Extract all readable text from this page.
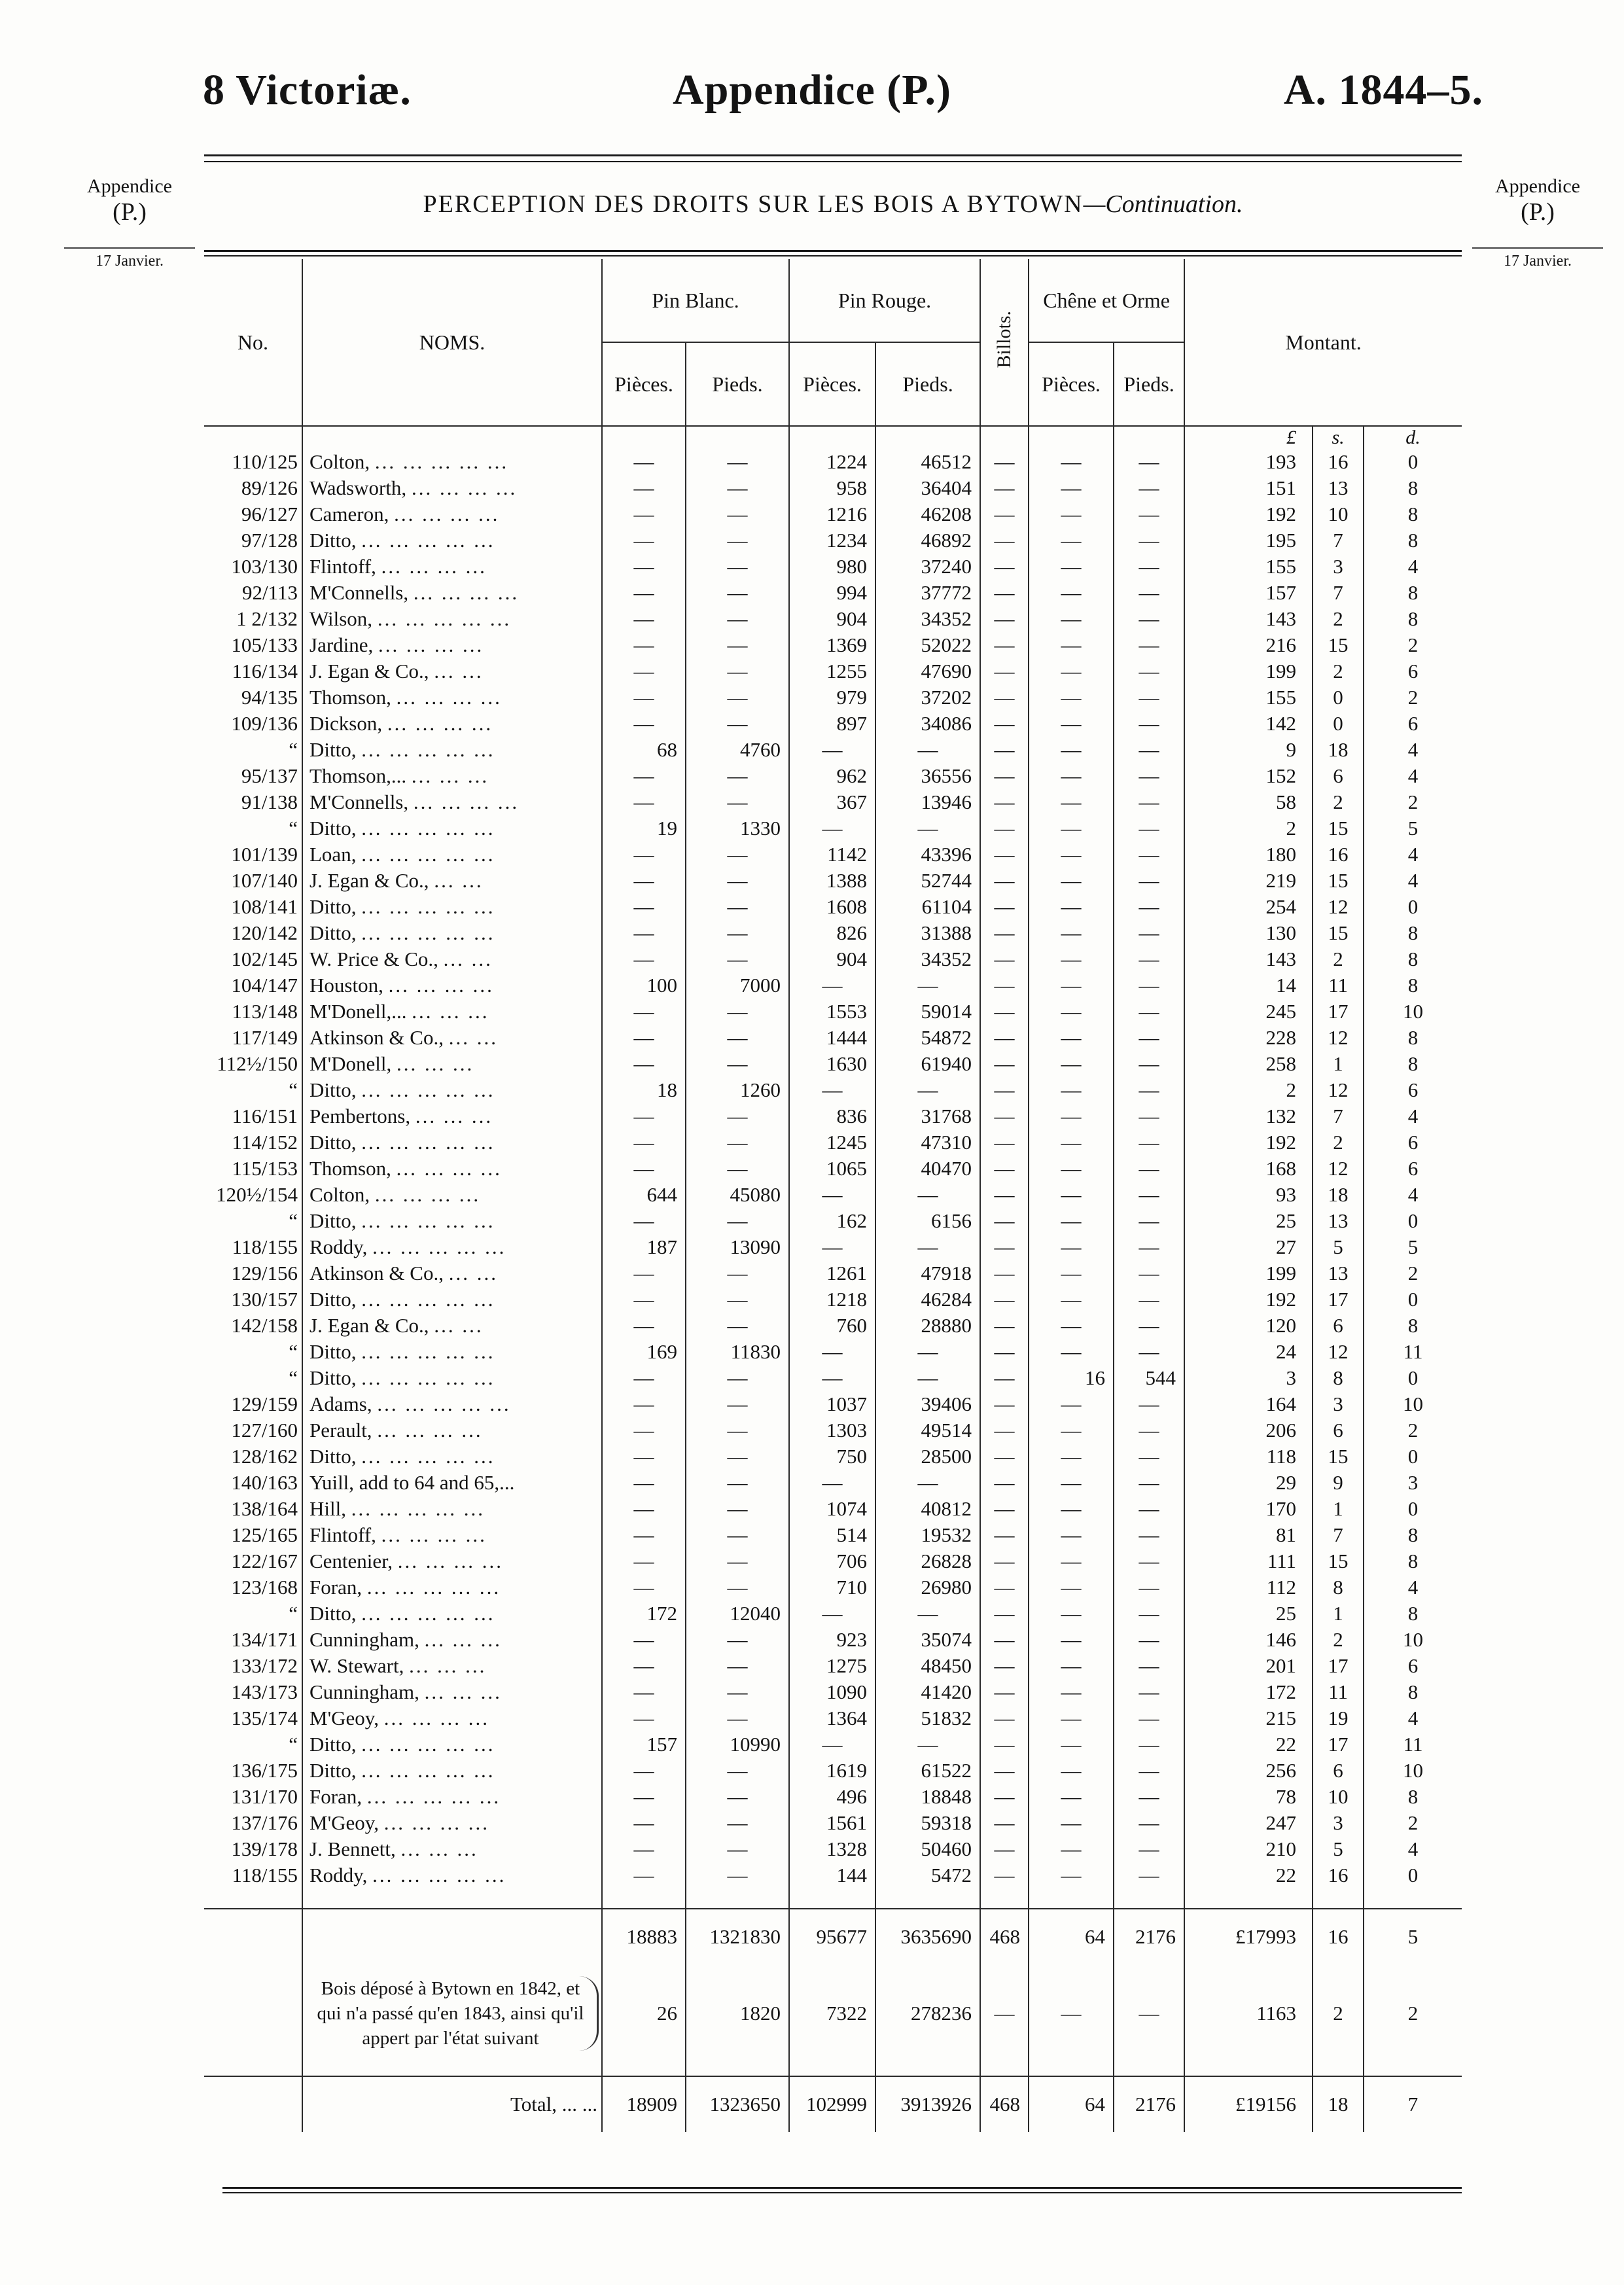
8 Victoriæ.	Appendice (P.)	A. 1844–5.
Appendice
(P.)
17 Janvier.
Appendice
(P.)
17 Janvier.
PERCEPTION DES DROITS SUR LES BOIS A BYTOWN—Continuation.
No.	NOMS.	Pin Blanc.		Pin Rouge.		Billots.	Chêne et Orme		Montant.		
		Pièces.	Pieds.	Pièces.	Pieds.		Pièces.	Pieds.			
									£	s.	d.
110/125	Colton, ... ... ... ... ...	—	—	1224	46512	—	—	—	193	16	0
89/126	Wadsworth, ... ... ... ...	—	—	958	36404	—	—	—	151	13	8
96/127	Cameron, ... ... ... ...	—	—	1216	46208	—	—	—	192	10	8
97/128	Ditto, ... ... ... ... ...	—	—	1234	46892	—	—	—	195	7	8
103/130	Flintoff, ... ... ... ...	—	—	980	37240	—	—	—	155	3	4
92/113	M'Connells, ... ... ... ...	—	—	994	37772	—	—	—	157	7	8
1 2/132	Wilson, ... ... ... ... ...	—	—	904	34352	—	—	—	143	2	8
105/133	Jardine, ... ... ... ...	—	—	1369	52022	—	—	—	216	15	2
116/134	J. Egan & Co., ... ...	—	—	1255	47690	—	—	—	199	2	6
94/135	Thomson, ... ... ... ...	—	—	979	37202	—	—	—	155	0	2
109/136	Dickson, ... ... ... ...	—	—	897	34086	—	—	—	142	0	6
“	Ditto, ... ... ... ... ...	68	4760	—	—	—	—	—	9	18	4
95/137	Thomson,... ... ... ...	—	—	962	36556	—	—	—	152	6	4
91/138	M'Connells, ... ... ... ...	—	—	367	13946	—	—	—	58	2	2
“	Ditto, ... ... ... ... ...	19	1330	—	—	—	—	—	2	15	5
101/139	Loan, ... ... ... ... ...	—	—	1142	43396	—	—	—	180	16	4
107/140	J. Egan & Co., ... ...	—	—	1388	52744	—	—	—	219	15	4
108/141	Ditto, ... ... ... ... ...	—	—	1608	61104	—	—	—	254	12	0
120/142	Ditto, ... ... ... ... ...	—	—	826	31388	—	—	—	130	15	8
102/145	W. Price & Co., ... ...	—	—	904	34352	—	—	—	143	2	8
104/147	Houston, ... ... ... ...	100	7000	—	—	—	—	—	14	11	8
113/148	M'Donell,... ... ... ...	—	—	1553	59014	—	—	—	245	17	10
117/149	Atkinson & Co., ... ...	—	—	1444	54872	—	—	—	228	12	8
112½/150	M'Donell, ... ... ...	—	—	1630	61940	—	—	—	258	1	8
“	Ditto, ... ... ... ... ...	18	1260	—	—	—	—	—	2	12	6
116/151	Pembertons, ... ... ...	—	—	836	31768	—	—	—	132	7	4
114/152	Ditto, ... ... ... ... ...	—	—	1245	47310	—	—	—	192	2	6
115/153	Thomson, ... ... ... ...	—	—	1065	40470	—	—	—	168	12	6
120½/154	Colton, ... ... ... ...	644	45080	—	—	—	—	—	93	18	4
“	Ditto, ... ... ... ... ...	—	—	162	6156	—	—	—	25	13	0
118/155	Roddy, ... ... ... ... ...	187	13090	—	—	—	—	—	27	5	5
129/156	Atkinson & Co., ... ...	—	—	1261	47918	—	—	—	199	13	2
130/157	Ditto, ... ... ... ... ...	—	—	1218	46284	—	—	—	192	17	0
142/158	J. Egan & Co., ... ...	—	—	760	28880	—	—	—	120	6	8
“	Ditto, ... ... ... ... ...	169	11830	—	—	—	—	—	24	12	11
“	Ditto, ... ... ... ... ...	—	—	—	—	—	16	544	3	8	0
129/159	Adams, ... ... ... ... ...	—	—	1037	39406	—	—	—	164	3	10
127/160	Perault, ... ... ... ...	—	—	1303	49514	—	—	—	206	6	2
128/162	Ditto, ... ... ... ... ...	—	—	750	28500	—	—	—	118	15	0
140/163	Yuill, add to 64 and 65,...	—	—	—	—	—	—	—	29	9	3
138/164	Hill, ... ... ... ... ...	—	—	1074	40812	—	—	—	170	1	0
125/165	Flintoff, ... ... ... ...	—	—	514	19532	—	—	—	81	7	8
122/167	Centenier, ... ... ... ...	—	—	706	26828	—	—	—	111	15	8
123/168	Foran, ... ... ... ... ...	—	—	710	26980	—	—	—	112	8	4
“	Ditto, ... ... ... ... ...	172	12040	—	—	—	—	—	25	1	8
134/171	Cunningham, ... ... ...	—	—	923	35074	—	—	—	146	2	10
133/172	W. Stewart, ... ... ...	—	—	1275	48450	—	—	—	201	17	6
143/173	Cunningham, ... ... ...	—	—	1090	41420	—	—	—	172	11	8
135/174	M'Geoy, ... ... ... ...	—	—	1364	51832	—	—	—	215	19	4
“	Ditto, ... ... ... ... ...	157	10990	—	—	—	—	—	22	17	11
136/175	Ditto, ... ... ... ... ...	—	—	1619	61522	—	—	—	256	6	10
131/170	Foran, ... ... ... ... ...	—	—	496	18848	—	—	—	78	10	8
137/176	M'Geoy, ... ... ... ...	—	—	1561	59318	—	—	—	247	3	2
139/178	J. Bennett, ... ... ...	—	—	1328	50460	—	—	—	210	5	4
118/155	Roddy, ... ... ... ... ...	—	—	144	5472	—	—	—	22	16	0

		18883	1321830	95677	3635690	468	64	2176	£17993	16	5

	Bois déposé à Bytown en 1842, et qui n'a passé qu'en 1843, ainsi qu'il appert par l'état suivant	26	1820	7322	278236	—	—	—	1163	2	2

	Total, ... ...	18909	1323650	102999	3913926	468	64	2176	£19156	18	7
